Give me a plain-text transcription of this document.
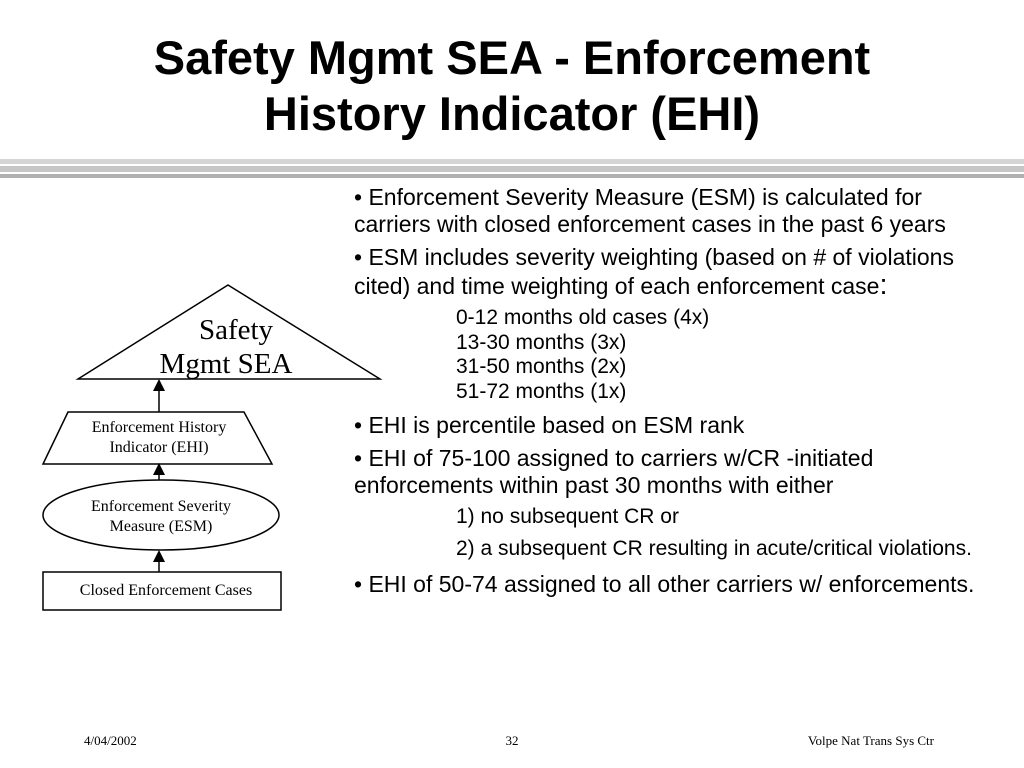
Safety Mgmt SEA - Enforcement
History Indicator (EHI)
• Enforcement Severity Measure (ESM) is calculated for carriers with closed enforcement cases in the past 6 years
• ESM includes severity weighting (based on # of violations cited) and time weighting of each enforcement case:
0-12 months old cases (4x)
13-30 months (3x)
31-50 months (2x)
51-72 months (1x)
• EHI is percentile based on ESM rank
• EHI of 75-100 assigned to carriers w/CR -initiated enforcements within past 30 months with either
1) no subsequent CR or
2) a subsequent CR resulting in acute/critical violations.
• EHI of 50-74 assigned to all other carriers w/ enforcements.
Safety
Mgmt SEA
Enforcement History
Indicator (EHI)
Enforcement Severity
Measure (ESM)
Closed Enforcement Cases
4/04/2002	32	Volpe Nat Trans Sys Ctr
